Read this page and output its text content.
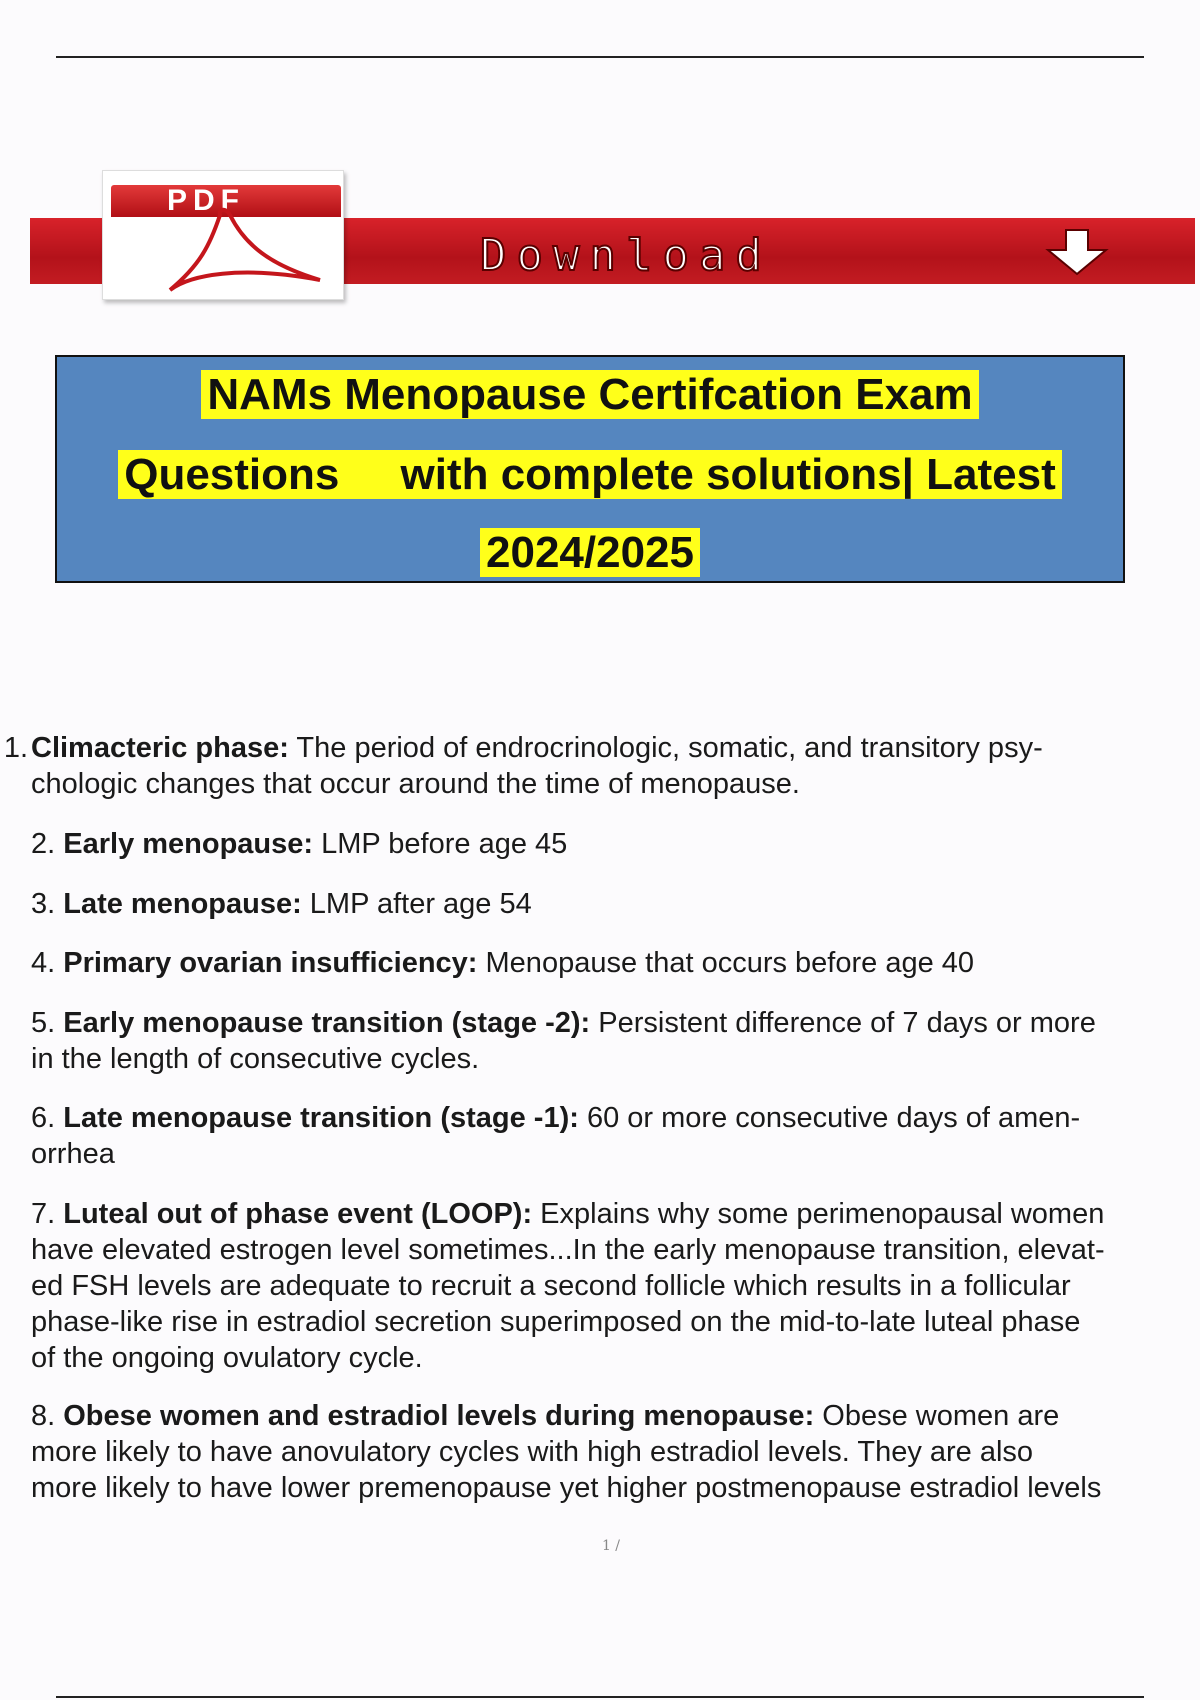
Download
PDF
NAMs Menopause Certifcation Exam
Questions     with complete solutions| Latest
2024/2025
1. Climacteric phase: The period of endrocrinologic, somatic, and transitory psy-
chologic changes that occur around the time of menopause.
2. Early menopause: LMP before age 45
3. Late menopause: LMP after age 54
4. Primary ovarian insufficiency: Menopause that occurs before age 40
5. Early menopause transition (stage -2): Persistent difference of 7 days or more
in the length of consecutive cycles.
6. Late menopause transition (stage -1): 60 or more consecutive days of amen-
orrhea
7. Luteal out of phase event (LOOP): Explains why some perimenopausal women
have elevated estrogen level sometimes...In the early menopause transition, elevat-
ed FSH levels are adequate to recruit a second follicle which results in a follicular
phase-like rise in estradiol secretion superimposed on the mid-to-late luteal phase
of the ongoing ovulatory cycle.
8. Obese women and estradiol levels during menopause: Obese women are
more likely to have anovulatory cycles with high estradiol levels. They are also
more likely to have lower premenopause yet higher postmenopause estradiol levels
1 /
